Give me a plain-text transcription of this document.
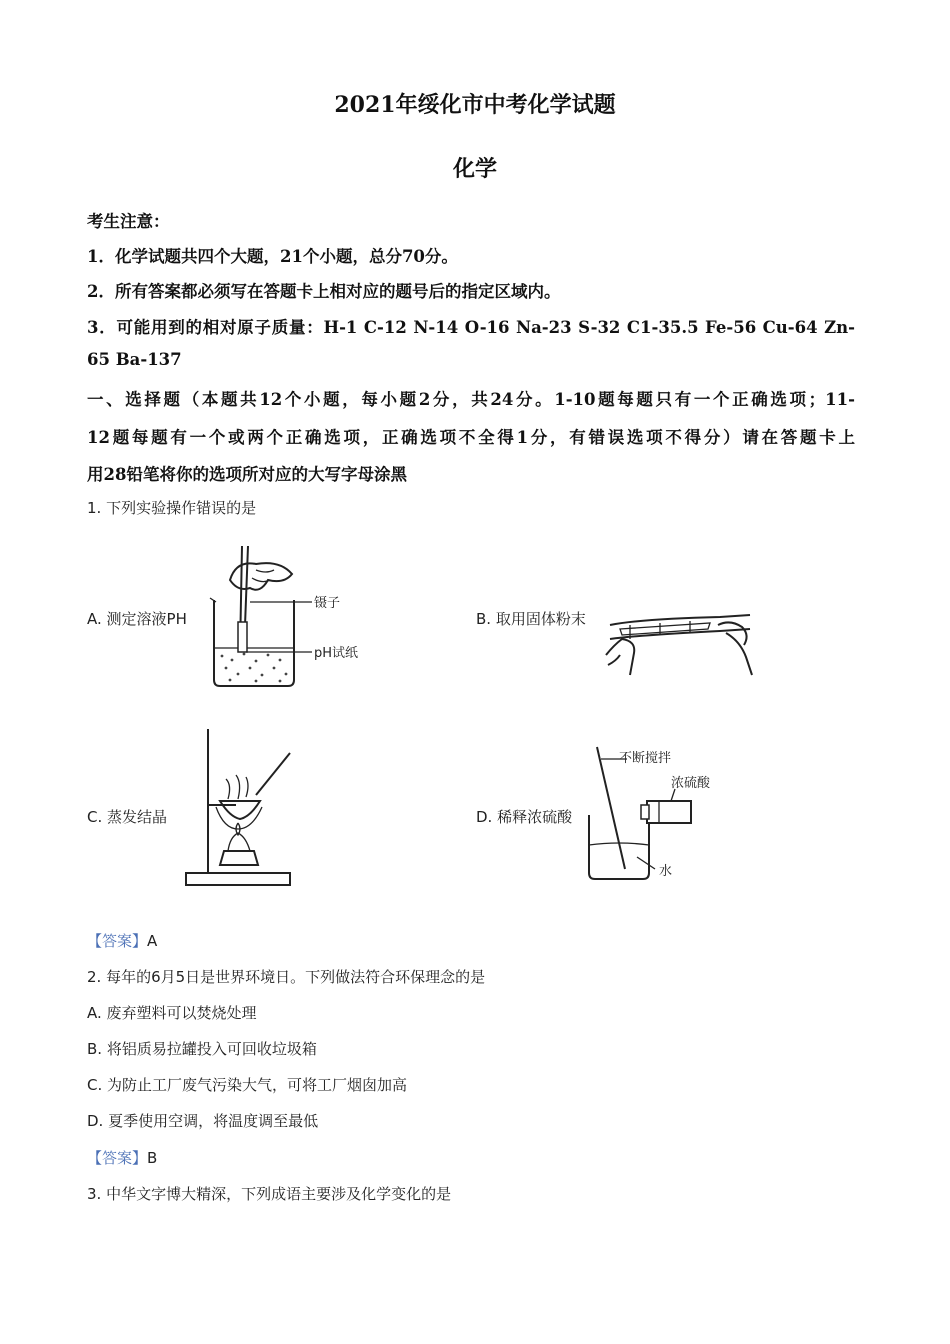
2021年绥化市中考化学试题
化学
考生注意：
1．化学试题共四个大题，21个小题，总分70分。
2．所有答案都必须写在答题卡上相对应的题号后的指定区域内。
3．可能用到的相对原子质量：H-1 C-12 N-14 O-16 Na-23 S-32 C1-35.5 Fe-56 Cu-64 Zn-
65 Ba-137
一、选择题（本题共12个小题，每小题2分，共24分。1-10题每题只有一个正确选项；11-
12题每题有一个或两个正确选项，正确选项不全得1分，有错误选项不得分）请在答题卡上
用28铅笔将你的选项所对应的大写字母涂黑
1. 下列实验操作错误的是
A. 测定溶液PH	B. 取用固体粉末
C. 蒸发结晶	D. 稀释浓硫酸
镊子
pH试纸
不断搅拌
浓硫酸
水
【答案】A
2. 每年的6月5日是世界环境日。下列做法符合环保理念的是
A. 废弃塑料可以焚烧处理
B. 将铝质易拉罐投入可回收垃圾箱
C. 为防止工厂废气污染大气，可将工厂烟囱加高
D. 夏季使用空调，将温度调至最低
【答案】B
3. 中华文字博大精深，下列成语主要涉及化学变化的是
